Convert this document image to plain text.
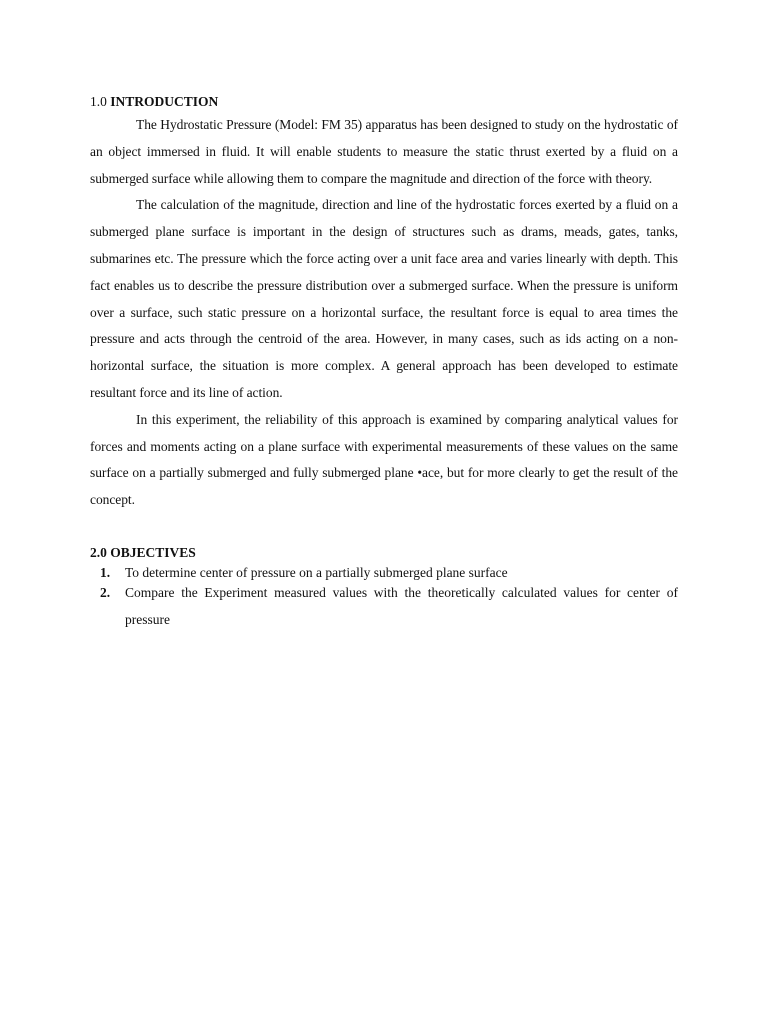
1.0 INTRODUCTION

The Hydrostatic Pressure (Model: FM 35) apparatus has been designed to study on the hydrostatic of an object immersed in fluid. It will enable students to measure the static thrust exerted by a fluid on a submerged surface while allowing them to compare the magnitude and direction of the force with theory.

The calculation of the magnitude, direction and line of the hydrostatic forces exerted by a fluid on a submerged plane surface is important in the design of structures such as drams, meads, gates, tanks, submarines etc. The pressure which the force acting over a unit face area and varies linearly with depth. This fact enables us to describe the pressure distribution over a submerged surface. When the pressure is uniform over a surface, such static pressure on a horizontal surface, the resultant force is equal to area times the pressure and acts through the centroid of the area. However, in many cases, such as ids acting on a non-horizontal surface, the situation is more complex. A general approach has been developed to estimate resultant force and its line of action.

In this experiment, the reliability of this approach is examined by comparing analytical values for forces and moments acting on a plane surface with experimental measurements of these values on the same surface on a partially submerged and fully submerged plane •ace, but for more clearly to get the result of the concept.

2.0 OBJECTIVES
1. To determine center of pressure on a partially submerged plane surface
2. Compare the Experiment measured values with the theoretically calculated values for center of pressure
